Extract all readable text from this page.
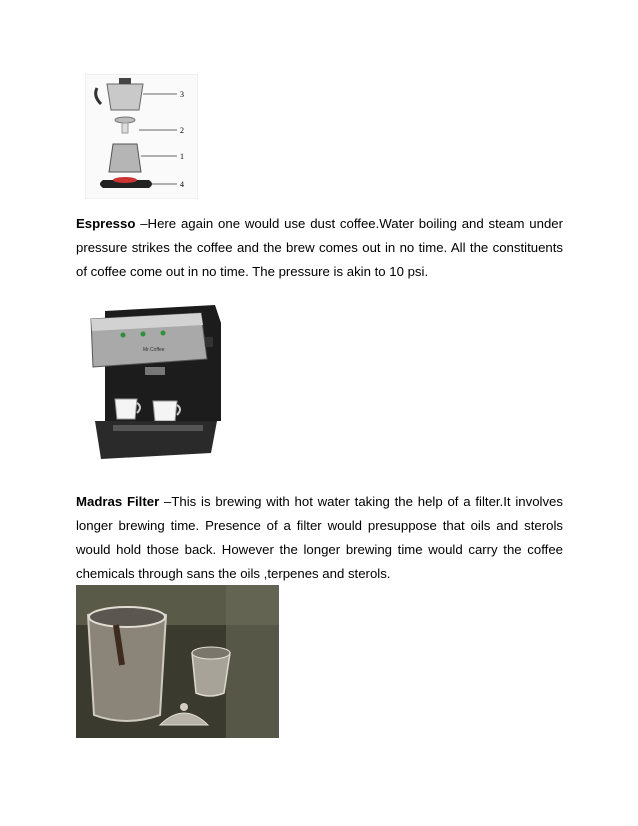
3
2
1
4

Espresso –Here again one would use dust coffee.Water boiling and steam under pressure strikes the coffee and the brew comes out in no time. All the constituents of coffee come out in no time. The pressure is akin to 10 psi.

Mr.Coffee

Madras Filter –This is brewing with hot water taking the help of a filter.It involves longer brewing time. Presence of a filter would presuppose that oils and sterols would hold those back. However the longer brewing time would carry the coffee chemicals through sans the oils ,terpenes and sterols.
